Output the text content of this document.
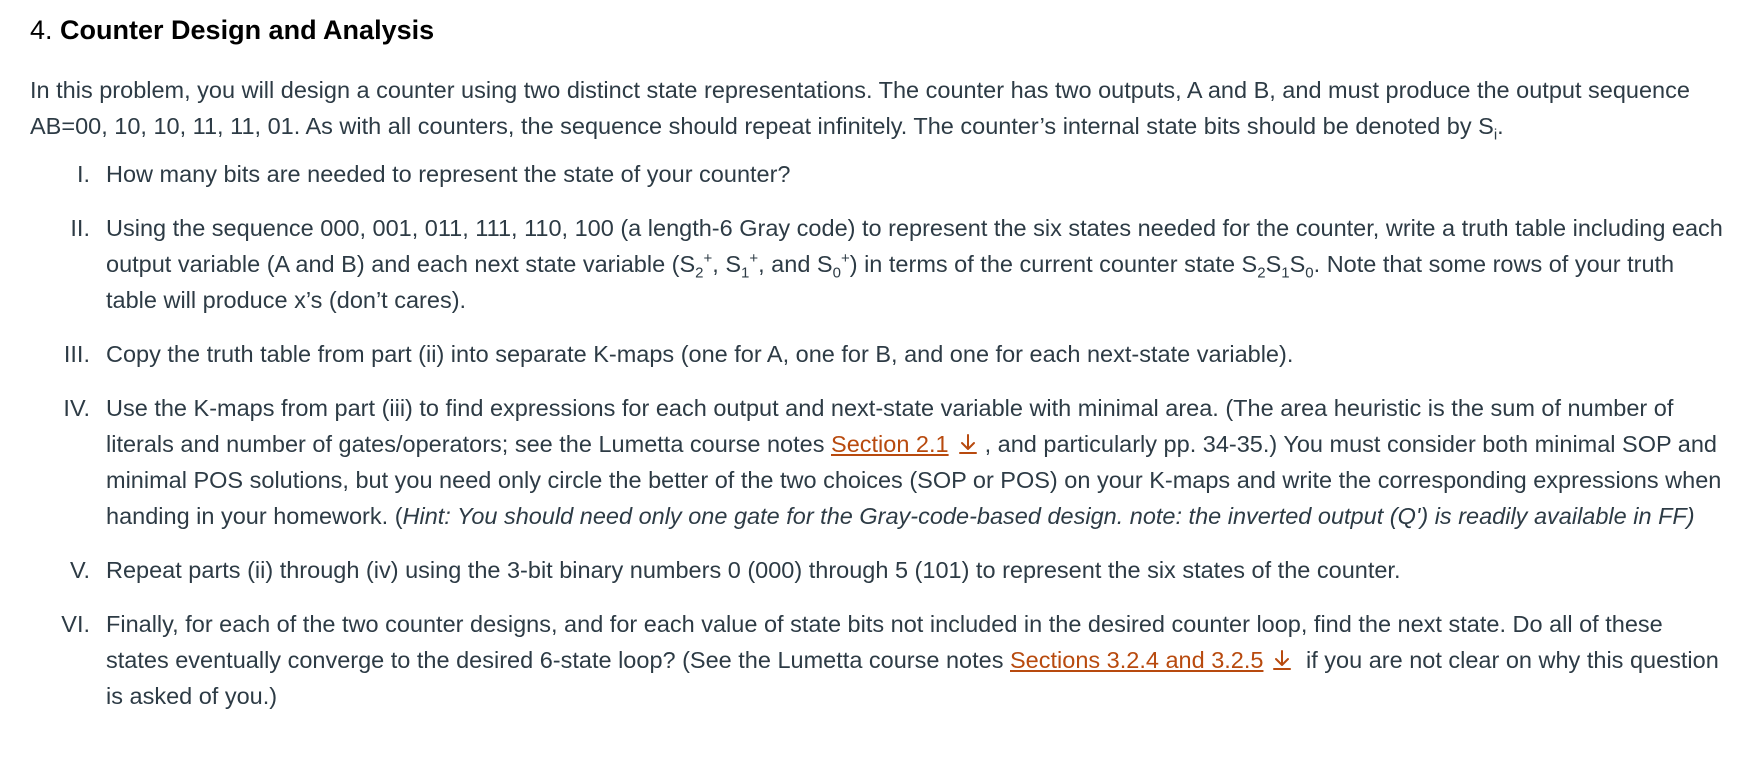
4. Counter Design and Analysis

In this problem, you will design a counter using two distinct state representations. The counter has two outputs, A and B, and must produce the output sequence AB=00, 10, 10, 11, 11, 01. As with all counters, the sequence should repeat infinitely. The counter’s internal state bits should be denoted by $S_i$.

I. How many bits are needed to represent the state of your counter?
II. Using the sequence 000, 001, 011, 111, 110, 100 (a length-6 Gray code) to represent the six states needed for the counter, write a truth table including each output variable (A and B) and each next state variable ($S_2^+$, $S_1^+$, and $S_0^+$) in terms of the current counter state $S_2S_1S_0$. Note that some rows of your truth table will produce x’s (don’t cares).
III. Copy the truth table from part (ii) into separate K-maps (one for A, one for B, and one for each next-state variable).
IV. Use the K-maps from part (iii) to find expressions for each output and next-state variable with minimal area. (The area heuristic is the sum of number of literals and number of gates/operators; see the Lumetta course notes Section 2.1 , and particularly pp. 34-35.) You must consider both minimal SOP and minimal POS solutions, but you need only circle the better of the two choices (SOP or POS) on your K-maps and write the corresponding expressions when handing in your homework. (Hint: You should need only one gate for the Gray-code-based design. note: the inverted output (Q') is readily available in FF)
V. Repeat parts (ii) through (iv) using the 3-bit binary numbers 0 (000) through 5 (101) to represent the six states of the counter.
VI. Finally, for each of the two counter designs, and for each value of state bits not included in the desired counter loop, find the next state. Do all of these states eventually converge to the desired 6-state loop? (See the Lumetta course notes Sections 3.2.4 and 3.2.5 if you are not clear on why this question is asked of you.)
